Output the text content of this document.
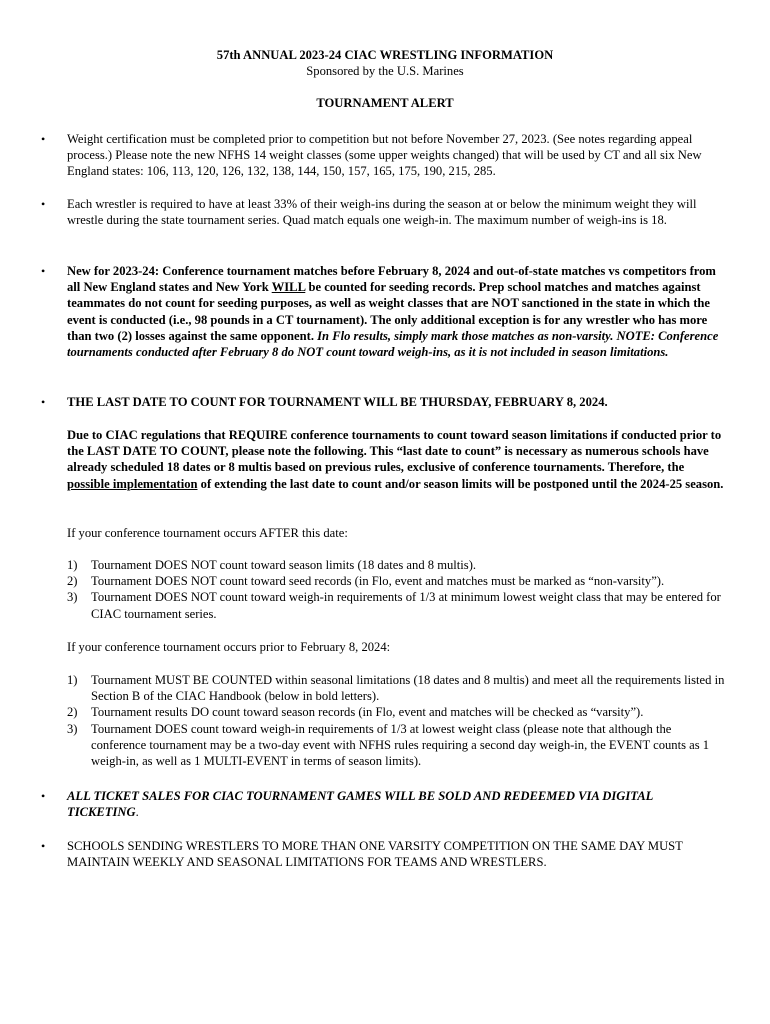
57th ANNUAL 2023-24 CIAC WRESTLING INFORMATION
Sponsored by the U.S. Marines
TOURNAMENT ALERT
• Weight certification must be completed prior to competition but not before November 27, 2023. (See notes regarding appeal process.) Please note the new NFHS 14 weight classes (some upper weights changed) that will be used by CT and all six New England states: 106, 113, 120, 126, 132, 138, 144, 150, 157, 165, 175, 190, 215, 285.
• Each wrestler is required to have at least 33% of their weigh-ins during the season at or below the minimum weight they will wrestle during the state tournament series. Quad match equals one weigh-in. The maximum number of weigh-ins is 18.
• New for 2023-24: Conference tournament matches before February 8, 2024 and out-of-state matches vs competitors from all New England states and New York WILL be counted for seeding records. Prep school matches and matches against teammates do not count for seeding purposes, as well as weight classes that are NOT sanctioned in the state in which the event is conducted (i.e., 98 pounds in a CT tournament). The only additional exception is for any wrestler who has more than two (2) losses against the same opponent. In Flo results, simply mark those matches as non-varsity. NOTE: Conference tournaments conducted after February 8 do NOT count toward weigh-ins, as it is not included in season limitations.
• THE LAST DATE TO COUNT FOR TOURNAMENT WILL BE THURSDAY, FEBRUARY 8, 2024.
Due to CIAC regulations that REQUIRE conference tournaments to count toward season limitations if conducted prior to the LAST DATE TO COUNT, please note the following. This “last date to count” is necessary as numerous schools have already scheduled 18 dates or 8 multis based on previous rules, exclusive of conference tournaments. Therefore, the possible implementation of extending the last date to count and/or season limits will be postponed until the 2024-25 season.
If your conference tournament occurs AFTER this date:
1) Tournament DOES NOT count toward season limits (18 dates and 8 multis).
2) Tournament DOES NOT count toward seed records (in Flo, event and matches must be marked as “non-varsity”).
3) Tournament DOES NOT count toward weigh-in requirements of 1/3 at minimum lowest weight class that may be entered for CIAC tournament series.
If your conference tournament occurs prior to February 8, 2024:
1) Tournament MUST BE COUNTED within seasonal limitations (18 dates and 8 multis) and meet all the requirements listed in Section B of the CIAC Handbook (below in bold letters).
2) Tournament results DO count toward season records (in Flo, event and matches will be checked as “varsity”).
3) Tournament DOES count toward weigh-in requirements of 1/3 at lowest weight class (please note that although the conference tournament may be a two-day event with NFHS rules requiring a second day weigh-in, the EVENT counts as 1 weigh-in, as well as 1 MULTI-EVENT in terms of season limits).
• ALL TICKET SALES FOR CIAC TOURNAMENT GAMES WILL BE SOLD AND REDEEMED VIA DIGITAL TICKETING.
• SCHOOLS SENDING WRESTLERS TO MORE THAN ONE VARSITY COMPETITION ON THE SAME DAY MUST MAINTAIN WEEKLY AND SEASONAL LIMITATIONS FOR TEAMS AND WRESTLERS.
